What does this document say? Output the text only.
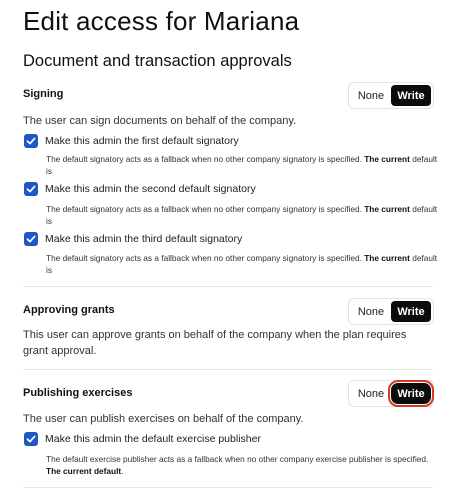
Edit access for Mariana
Document and transaction approvals
Signing	None	Write
The user can sign documents on behalf of the company.
Make this admin the first default signatory
The default signatory acts as a fallback when no other company signatory is specified. The current default is
Make this admin the second default signatory
The default signatory acts as a fallback when no other company signatory is specified. The current default is
Make this admin the third default signatory
The default signatory acts as a fallback when no other company signatory is specified. The current default is
Approving grants	None	Write
This user can approve grants on behalf of the company when the plan requires grant approval.
Publishing exercises	None	Write
The user can publish exercises on behalf of the company.
Make this admin the default exercise publisher
The default exercise publisher acts as a fallback when no other company exercise publisher is specified. The current default.
